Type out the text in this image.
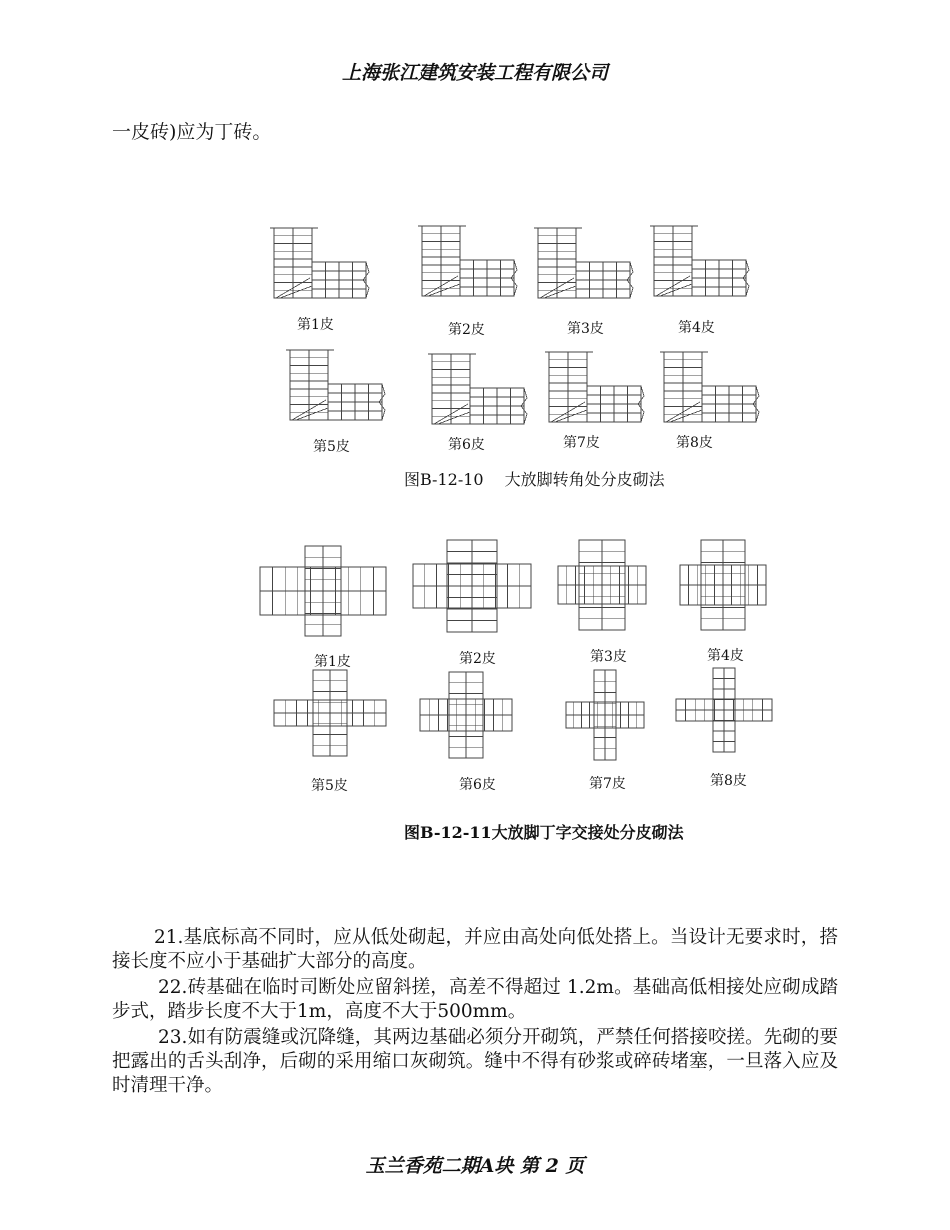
上海张江建筑安装工程有限公司
一皮砖)应为丁砖。
第1皮	第2皮	第3皮	第4皮
第5皮	第6皮	第7皮	第8皮
图B-12-10　 大放脚转角处分皮砌法
第1皮	第2皮	第3皮	第4皮
第5皮	第6皮	第7皮	第8皮
图B-12-11大放脚丁字交接处分皮砌法

21.基底标高不同时，应从低处砌起，并应由高处向低处搭上。当设计无要求时，搭接长度不应小于基础扩大部分的高度。

22.砖基础在临时司断处应留斜搓，高差不得超过 1.2m。基础高低相接处应砌成踏步式，踏步长度不大于1m，高度不大于500mm。

23.如有防震缝或沉降缝，其两边基础必须分开砌筑，严禁任何搭接咬搓。先砌的要把露出的舌头刮净，后砌的采用缩口灰砌筑。缝中不得有砂浆或碎砖堵塞，一旦落入应及时清理干净。

玉兰香苑二期A块 第 2 页
